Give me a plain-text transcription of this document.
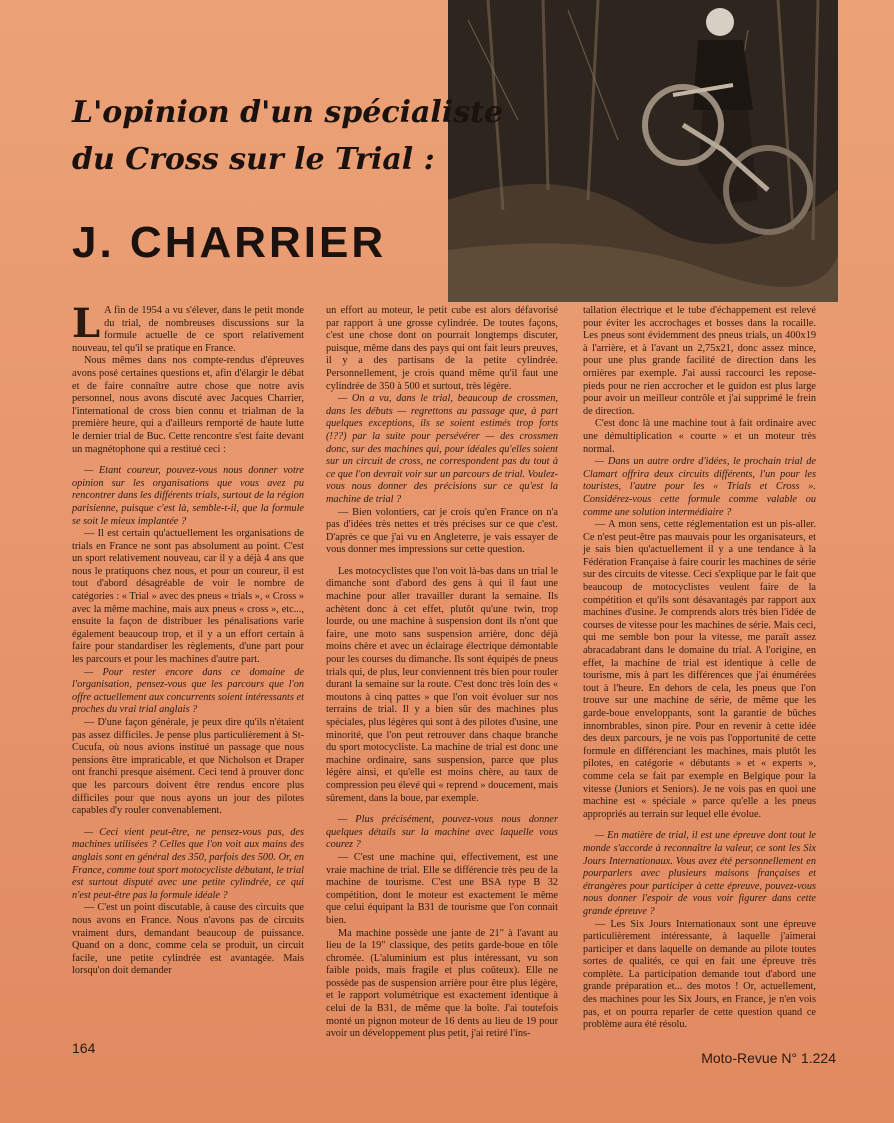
L'opinion d'un spécialiste
du Cross sur le Trial :
J. CHARRIER
L A fin de 1954 a vu s'élever, dans le petit monde du trial, de nombreuses discussions sur la formule actuelle de ce sport relativement nouveau, tel qu'il se pratique en France.

Nous mêmes dans nos compte-rendus d'épreuves avons posé certaines questions et, afin d'élargir le débat et de faire connaître autre chose que notre avis personnel, nous avons discuté avec Jacques Charrier, l'international de cross bien connu et trialman de la première heure, qui a d'ailleurs remporté de haute lutte le dernier trial de Buc. Cette rencontre s'est faite devant un magnétophone qui a restitué ceci :

— Etant coureur, pouvez-vous nous donner votre opinion sur les organisations que vous avez pu rencontrer dans les différents trials, surtout de la région parisienne, puisque c'est là, semble-t-il, que la formule se soit le mieux implantée ?

— Il est certain qu'actuellement les organisations de trials en France ne sont pas absolument au point. C'est un sport relativement nouveau, car il y a déjà 4 ans que nous le pratiquons chez nous, et pour un coureur, il est tout d'abord désagréable de voir le nombre de catégories : « Trial » avec des pneus « trials », « Cross » avec la même machine, mais aux pneus « cross », etc..., ensuite la façon de distribuer les pénalisations varie également beaucoup trop, et il y a un effort certain à faire pour standardiser les règlements, d'une part pour les parcours et pour les machines d'autre part.

— Pour rester encore dans ce domaine de l'organisation, pensez-vous que les parcours que l'on offre actuellement aux concurrents soient intéressants et proches du vrai trial anglais ?

— D'une façon générale, je peux dire qu'ils n'étaient pas assez difficiles. Je pense plus particulièrement à St-Cucufa, où nous avions institué un passage que nous pensions être impraticable, et que Nicholson et Draper ont franchi presque aisément. Ceci tend à prouver donc que les parcours doivent être rendus encore plus difficiles pour que nous ayons un jour des pilotes capables d'y rouler convenablement.

— Ceci vient peut-être, ne pensez-vous pas, des machines utilisées ? Celles que l'on voit aux mains des anglais sont en général des 350, parfois des 500. Or, en France, comme tout sport motocycliste débutant, le trial est surtout disputé avec une petite cylindrée, ce qui n'est peut-être pas la formule idéale ?

— C'est un point discutable, à cause des circuits que nous avons en France. Nous n'avons pas de circuits vraiment durs, demandant beaucoup de puissance. Quand on a donc, comme cela se produit, un circuit facile, une petite cylindrée est avantagée. Mais lorsqu'on doit demander

un effort au moteur, le petit cube est alors défavorisé par rapport à une grosse cylindrée. De toutes façons, c'est une chose dont on pourrait longtemps discuter, puisque, même dans des pays qui ont fait leurs preuves, il y a des partisans de la petite cylindrée. Personnellement, je crois quand même qu'il faut une cylindrée de 350 à 500 et surtout, très légère.

— On a vu, dans le trial, beaucoup de crossmen, dans les débuts — regrettons au passage que, à part quelques exceptions, ils se soient estimés trop forts (!??) par la suite pour persévérer — des crossmen donc, sur des machines qui, pour idéales qu'elles soient sur un circuit de cross, ne correspondent pas du tout à ce que l'on devrait voir sur un parcours de trial. Voulez-vous nous donner des précisions sur ce qu'est la machine de trial ?

— Bien volontiers, car je crois qu'en France on n'a pas d'idées très nettes et très précises sur ce que c'est. D'après ce que j'ai vu en Angleterre, je vais essayer de vous donner mes impressions sur cette question.

Les motocyclistes que l'on voit là-bas dans un trial le dimanche sont d'abord des gens à qui il faut une machine pour aller travailler durant la semaine. Ils achètent donc à cet effet, plutôt qu'une twin, trop lourde, ou une machine à suspension dont ils n'ont que faire, une moto sans suspension arrière, donc déjà moins chère et avec un éclairage électrique démontable pour les courses du dimanche. Ils sont équipés de pneus trials qui, de plus, leur conviennent très bien pour rouler durant la semaine sur la route. C'est donc très loin des « moutons à cinq pattes » que l'on voit évoluer sur nos terrains de trial. Il y a bien sûr des machines plus spéciales, plus légères qui sont à des pilotes d'usine, une minorité, que l'on peut retrouver dans chaque branche du sport motocycliste. La machine de trial est donc une machine ordinaire, sans suspension, parce que plus légère ainsi, et qu'elle est moins chère, au taux de compression peu élevé qui « reprend » doucement, mais sûrement, dans la boue, par exemple.

— Plus précisément, pouvez-vous nous donner quelques détails sur la machine avec laquelle vous courez ?

— C'est une machine qui, effectivement, est une vraie machine de trial. Elle se différencie très peu de la machine de tourisme. C'est une BSA type B 32 compétition, dont le moteur est exactement le même que celui équipant la B31 de tourisme que l'on connait bien.

Ma machine possède une jante de 21" à l'avant au lieu de la 19" classique, des petits garde-boue en tôle chromée. (L'aluminium est plus intéressant, vu son faible poids, mais fragile et plus coûteux). Elle ne possède pas de suspension arrière pour être plus légère, et le rapport volumétrique est exactement identique à celui de la B31, de même que la boîte. J'ai toutefois monté un pignon moteur de 16 dents au lieu de 19 pour avoir un développement plus petit, j'ai retiré l'ins-

tallation électrique et le tube d'échappement est relevé pour éviter les accrochages et bosses dans la rocaille. Les pneus sont évidemment des pneus trials, un 400x19 à l'arrière, et à l'avant un 2,75x21, donc assez mince, pour une plus grande facilité de direction dans les ornières par exemple. J'ai aussi raccourci les repose-pieds pour ne rien accrocher et le guidon est plus large pour avoir un meilleur contrôle et j'ai supprimé le frein de direction.

C'est donc là une machine tout à fait ordinaire avec une démultiplication « courte » et un moteur très normal.

— Dans un autre ordre d'idées, le prochain trial de Clamart offrira deux circuits différents, l'un pour les touristes, l'autre pour les « Trials et Cross ». Considérez-vous cette formule comme valable ou comme une solution intermédiaire ?

— A mon sens, cette réglementation est un pis-aller. Ce n'est peut-être pas mauvais pour les organisateurs, et je sais bien qu'actuellement il y a une tendance à la Fédération Française à faire courir les machines de série sur des circuits de vitesse. Ceci s'explique par le fait que beaucoup de motocyclistes veulent faire de la compétition et qu'ils sont désavantagés par rapport aux machines d'usine. Je comprends alors très bien l'idée de courses de vitesse pour les machines de série. Mais ceci, qui me semble bon pour la vitesse, me paraît assez abracadabrant dans le domaine du trial. A l'origine, en effet, la machine de trial est identique à celle de tourisme, mis à part les différences que j'ai énumérées tout à l'heure. En dehors de cela, les pneus que l'on trouve sur une machine de série, de même que les garde-boue enveloppants, sont la garantie de bûches innombrables, sinon pire. Pour en revenir à cette idée des deux parcours, je ne vois pas l'opportunité de cette formule en différenciant les machines, mais plutôt les pilotes, en catégorie « débutants » et « experts », comme cela se fait par exemple en Belgique pour la vitesse (Juniors et Seniors). Je ne vois pas en quoi une machine est « spéciale » parce qu'elle a les pneus appropriés au terrain sur lequel elle évolue.

— En matière de trial, il est une épreuve dont tout le monde s'accorde à reconnaître la valeur, ce sont les Six Jours Internationaux. Vous avez été personnellement en pourparlers avec plusieurs maisons françaises et étrangères pour participer à cette épreuve, pouvez-vous nous donner l'espoir de vous voir figurer dans cette grande épreuve ?

— Les Six Jours Internationaux sont une épreuve particulièrement intéressante, à laquelle j'aimerai participer et dans laquelle on demande au pilote toutes sortes de qualités, ce qui en fait une épreuve très complète. La participation demande tout d'abord une grande préparation et... des motos ! Or, actuellement, des machines pour les Six Jours, en France, je n'en vois pas, et on pourra reparler de cette question quand ce problème aura été résolu.

164
Moto-Revue N° 1.224
